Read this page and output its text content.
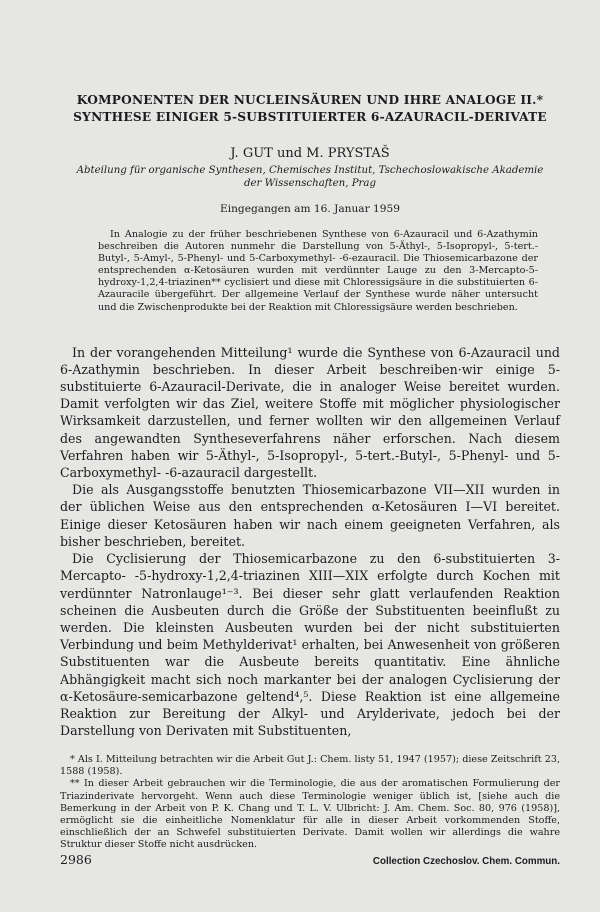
KOMPONENTEN DER NUCLEINSÄUREN UND IHRE ANALOGE II.*

SYNTHESE EINIGER 5-SUBSTITUIERTER 6-AZAURACIL-DERIVATE

J. GUT und M. PRYSTAŠ

Abteilung für organische Synthesen, Chemisches Institut, Tschechoslowakische Akademie der Wissenschaften, Prag

Eingegangen am 16. Januar 1959

In Analogie zu der früher beschriebenen Synthese von 6-Azauracil und 6-Azathymin beschreiben die Autoren nunmehr die Darstellung von 5-Äthyl-, 5-Isopropyl-, 5-tert.-Butyl-, 5-Amyl-, 5-Phenyl- und 5-Carboxymethyl- -6-ezauracil. Die Thiosemicarbazone der entsprechenden α-Ketosäuren wurden mit verdünnter Lauge zu den 3-Mercapto-5-hydroxy-1,2,4-triazinen** cyclisiert und diese mit Chloressigsäure in die substituierten 6-Azauracile übergeführt. Der allgemeine Verlauf der Synthese wurde näher untersucht und die Zwischenprodukte bei der Reaktion mit Chloressigsäure werden beschrieben.

In der vorangehenden Mitteilung¹ wurde die Synthese von 6-Azauracil und 6-Azathymin beschrieben. In dieser Arbeit beschreiben·wir einige 5-substituierte 6-Azauracil-Derivate, die in analoger Weise bereitet wurden. Damit verfolgten wir das Ziel, weitere Stoffe mit möglicher physiologischer Wirksamkeit darzustellen, und ferner wollten wir den allgemeinen Verlauf des angewandten Syntheseverfahrens näher erforschen. Nach diesem Verfahren haben wir 5-Äthyl-, 5-Isopropyl-, 5-tert.-Butyl-, 5-Phenyl- und 5-Carboxymethyl- -6-azauracil dargestellt.

Die als Ausgangsstoffe benutzten Thiosemicarbazone VII—XII wurden in der üblichen Weise aus den entsprechenden α-Ketosäuren I—VI bereitet. Einige dieser Ketosäuren haben wir nach einem geeigneten Verfahren, als bisher beschrieben, bereitet.

Die Cyclisierung der Thiosemicarbazone zu den 6-substituierten 3-Mercapto- -5-hydroxy-1,2,4-triazinen XIII—XIX erfolgte durch Kochen mit verdünnter Natronlauge¹⁻³. Bei dieser sehr glatt verlaufenden Reaktion scheinen die Ausbeuten durch die Größe der Substituenten beeinflußt zu werden. Die kleinsten Ausbeuten wurden bei der nicht substituierten Verbindung und beim Methylderivat¹ erhalten, bei Anwesenheit von größeren Substituenten war die Ausbeute bereits quantitativ. Eine ähnliche Abhängigkeit macht sich noch markanter bei der analogen Cyclisierung der α-Ketosäure-semicarbazone geltend⁴,⁵. Diese Reaktion ist eine allgemeine Reaktion zur Bereitung der Alkyl- und Arylderivate, jedoch bei der Darstellung von Derivaten mit Substituenten,

* Als I. Mitteilung betrachten wir die Arbeit Gut J.: Chem. listy 51, 1947 (1957); diese Zeitschrift 23, 1588 (1958).

** In dieser Arbeit gebrauchen wir die Terminologie, die aus der aromatischen Formulierung der Triazinderivate hervorgeht. Wenn auch diese Terminologie weniger üblich ist, [siehe auch die Bemerkung in der Arbeit von P. K. Chang und T. L. V. Ulbricht: J. Am. Chem. Soc. 80, 976 (1958)], ermöglicht sie die einheitliche Nomenklatur für alle in dieser Arbeit vorkommenden Stoffe, einschließlich der an Schwefel substituierten Derivate. Damit wollen wir allerdings die wahre Struktur dieser Stoffe nicht ausdrücken.

2986	Collection Czechoslov. Chem. Commun.
